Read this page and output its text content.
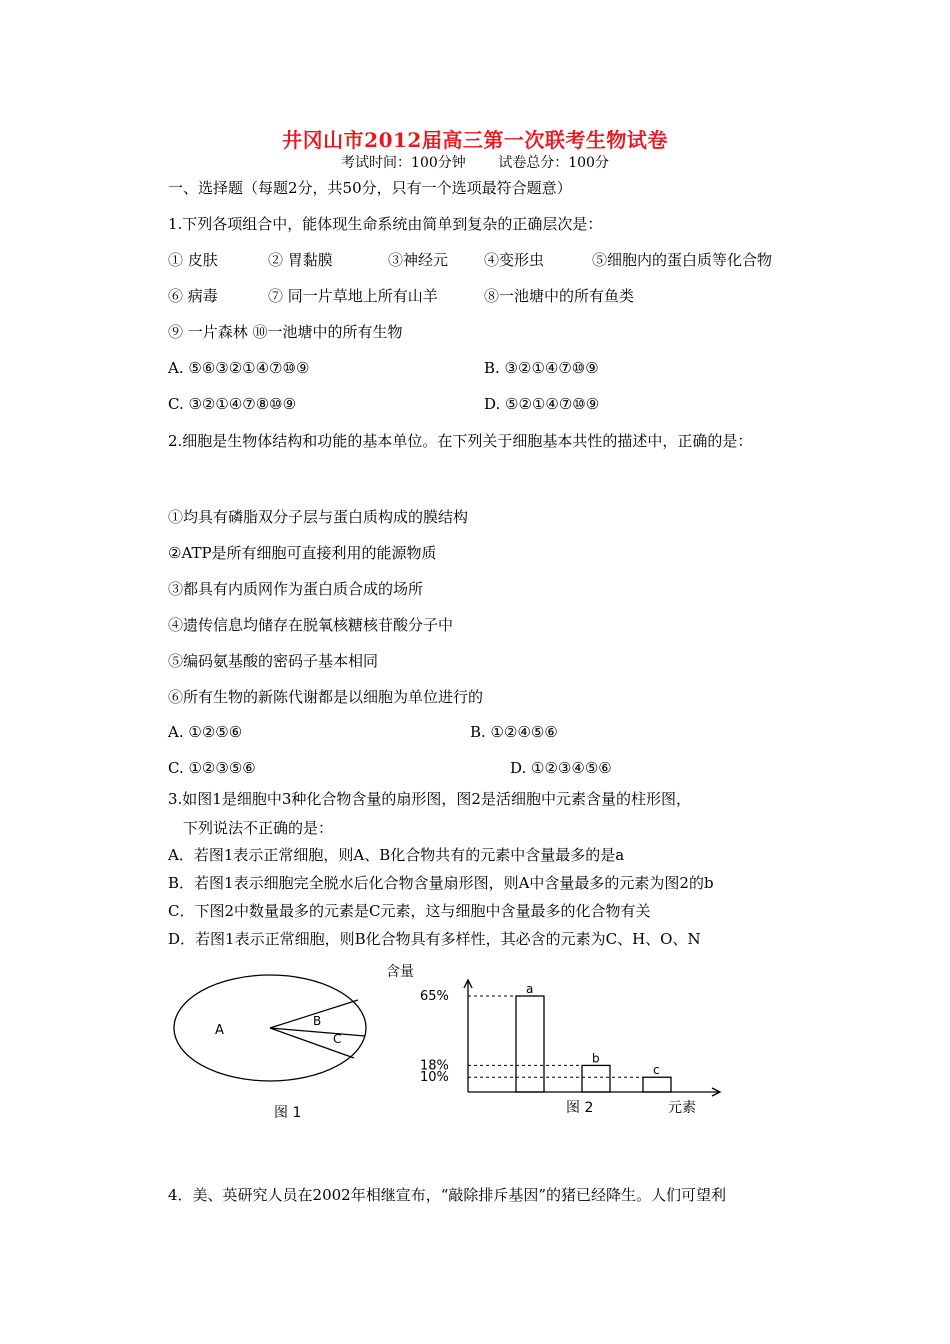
井冈山市2012届高三第一次联考生物试卷
考试时间：100分钟 试卷总分：100分
一、选择题（每题2分，共50分，只有一个选项最符合题意）
1.下列各项组合中，能体现生命系统由简单到复杂的正确层次是：
① 皮肤	② 胃黏膜	③神经元 ④变形虫	⑤细胞内的蛋白质等化合物
⑥ 病毒	⑦ 同一片草地上所有山羊	⑧一池塘中的所有鱼类
⑨ 一片森林 ⑩一池塘中的所有生物
A. ⑤⑥③②①④⑦⑩⑨	B. ③②①④⑦⑩⑨
C. ③②①④⑦⑧⑩⑨	D. ⑤②①④⑦⑩⑨
2.细胞是生物体结构和功能的基本单位。在下列关于细胞基本共性的描述中，正确的是：
①均具有磷脂双分子层与蛋白质构成的膜结构
②ATP是所有细胞可直接利用的能源物质
③都具有内质网作为蛋白质合成的场所
④遗传信息均储存在脱氧核糖核苷酸分子中
⑤编码氨基酸的密码子基本相同
⑥所有生物的新陈代谢都是以细胞为单位进行的
A. ①②⑤⑥	B. ①②④⑤⑥
C. ①②③⑤⑥	D. ①②③④⑤⑥
3.如图1是细胞中3种化合物含量的扇形图，图2是活细胞中元素含量的柱形图，
下列说法不正确的是：
A．若图1表示正常细胞，则A、B化合物共有的元素中含量最多的是a
B．若图1表示细胞完全脱水后化合物含量扇形图，则A中含量最多的元素为图2的b
C．下图2中数量最多的元素是C元素，这与细胞中含量最多的化合物有关
D．若图1表示正常细胞，则B化合物具有多样性，其必含的元素为C、H、O、N
A
B
C
图 1
含量
元素
65%	a
18%	b
10%	c
图 2
4．美、英研究人员在2002年相继宣布，“敲除排斥基因”的猪已经降生。人们可望利
